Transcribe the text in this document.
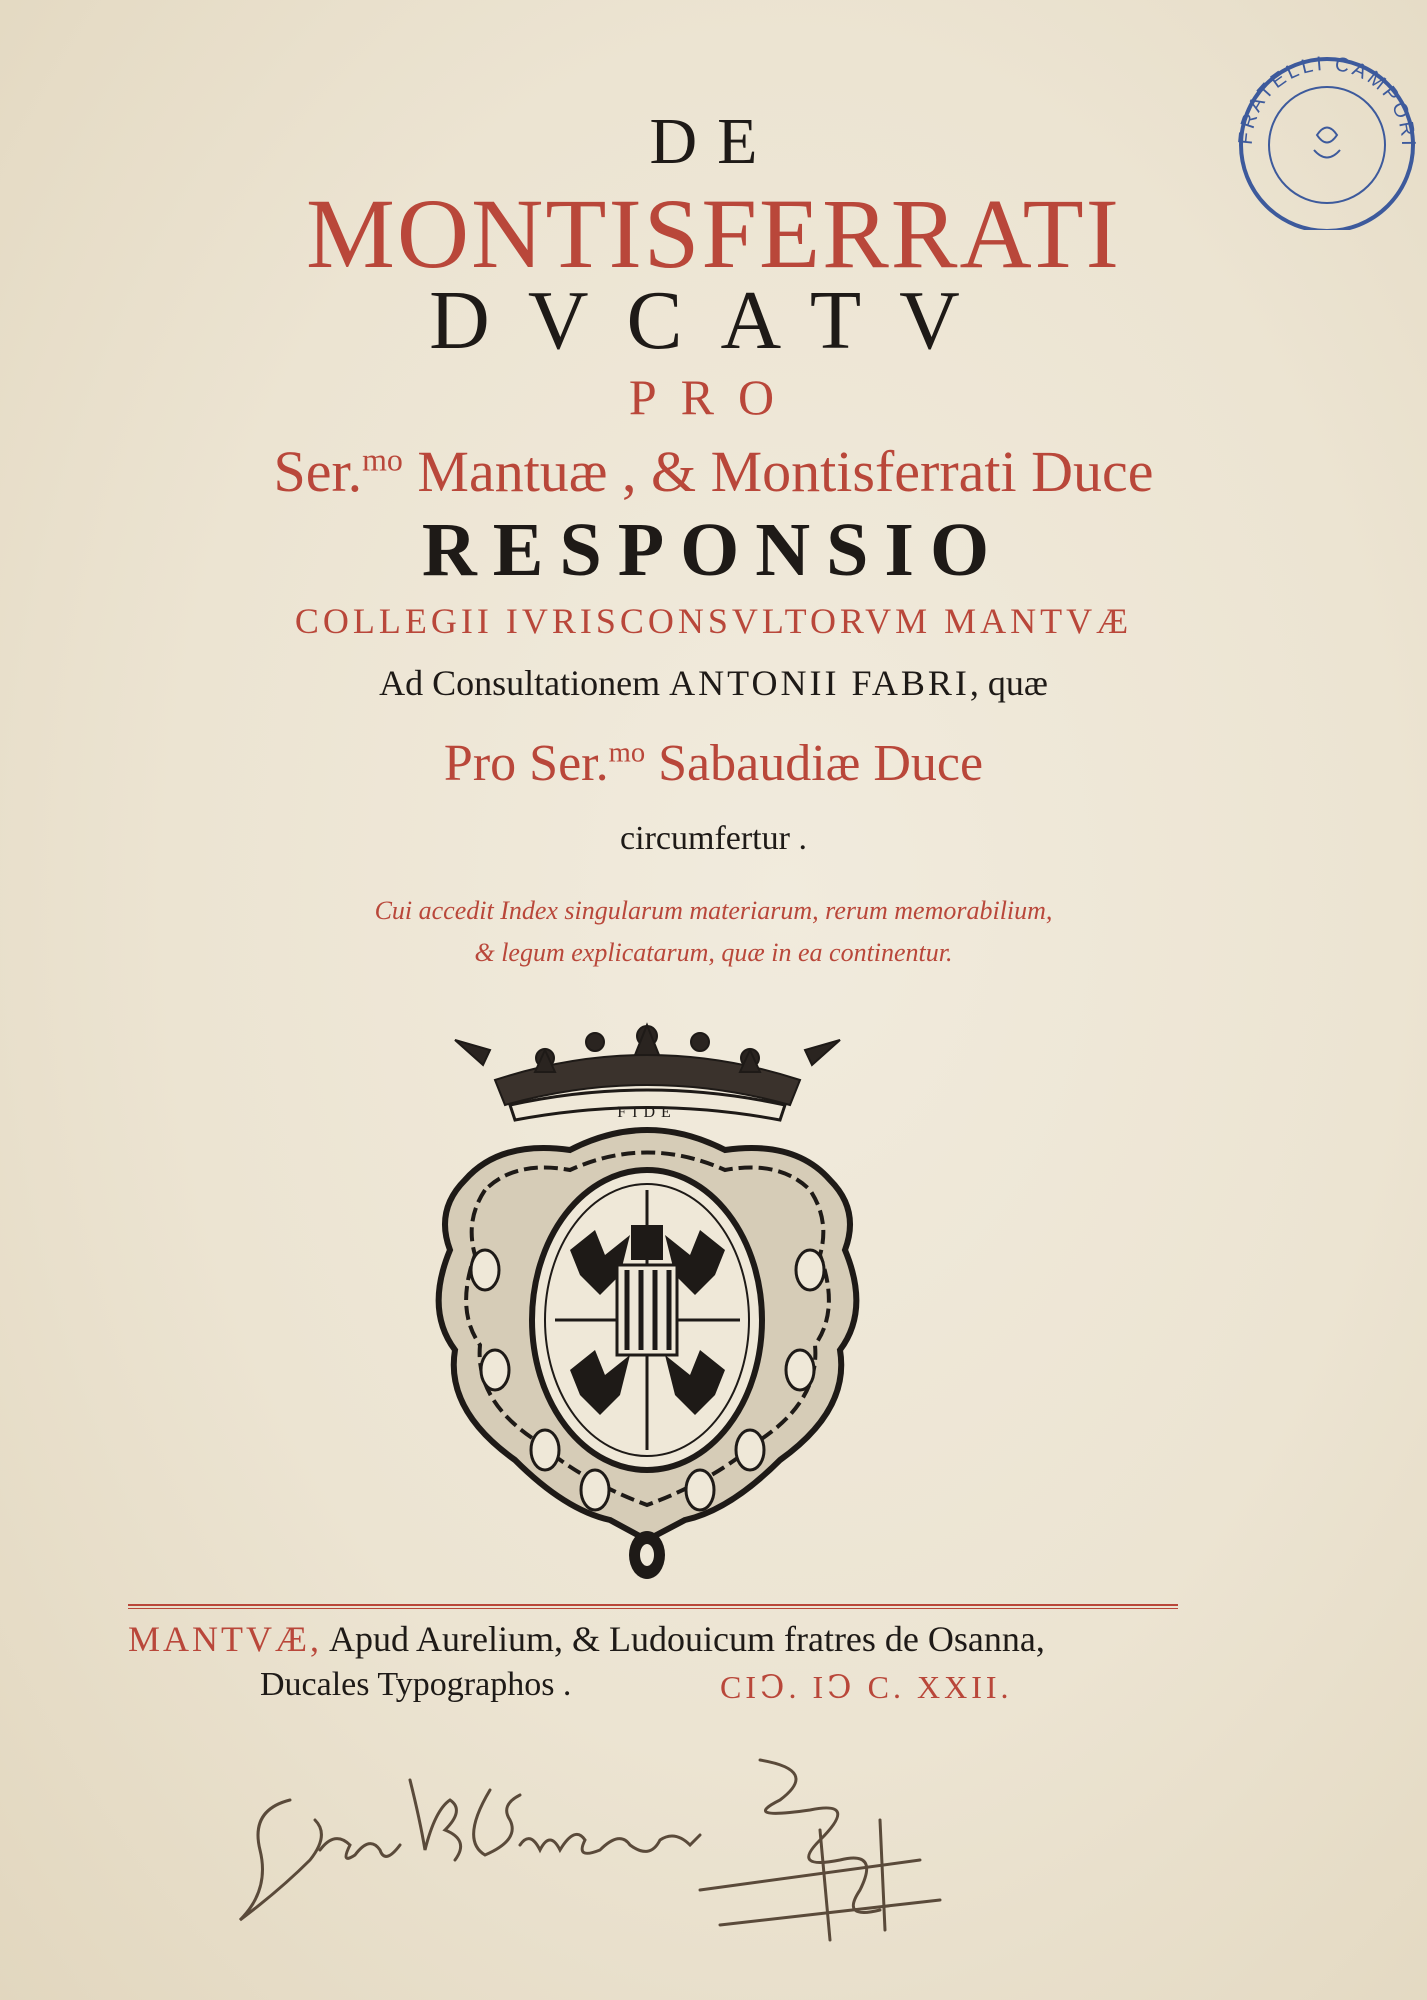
DE
MONTISFERRATI
DVCATV
PRO
Ser.$^{mo}$ Mantuæ , & Montisferrati Duce
RESPONSIO
COLLEGII IVRISCONSVLTORVM MANTVÆ
Ad Consultationem ANTONII FABRI, quæ
Pro Ser.$^{mo}$ Sabaudiæ Duce
circumfertur .
Cui accedit Index singularum materiarum, rerum memorabilium,
& legum explicatarum, quæ in ea continentur.
FIDE
MANTVÆ, Apud Aurelium, & Ludouicum fratres de Osanna,
Ducales Typographos .	CIↃ. IↃ C. XXII.
FRATELLI CAMPORI
